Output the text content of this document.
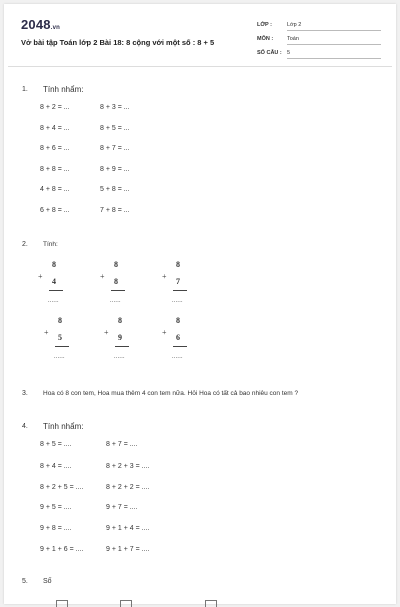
2048.vn
Vở bài tập Toán lớp 2 Bài 18: 8 cộng với một số : 8 + 5
LỚP :	Lớp 2
MÔN :	Toán
SỐ CÂU : 5
1. Tính nhẩm:
8 + 2 = ...	8 + 3 = ...
8 + 4 = ...	8 + 5 = ...
8 + 6 = ...	8 + 7 = ...
8 + 8 = ...	8 + 9 = ...
4 + 8 = ...	5 + 8 = ...
6 + 8 = ...	7 + 8 = ...
2. Tính:
+
8
4
......
+
8
8
......
+
8
7
......
+
8
5
......
+
8
9
......
+
8
6
......
3. Hoa có 8 con tem, Hoa mua thêm 4 con tem nữa. Hỏi Hoa có tất cả bao nhiêu con tem ?
4. Tính nhẩm:
8 + 5 = ....	8 + 7 = ....
8 + 4 = ....	8 + 2 + 3 = ....
8 + 2 + 5 = ....	8 + 2 + 2 = ....
9 + 5 = ....	9 + 7 = ....
9 + 8 = ....	9 + 1 + 4 = ....
9 + 1 + 6 = ....	9 + 1 + 7 = ....
5. Số
